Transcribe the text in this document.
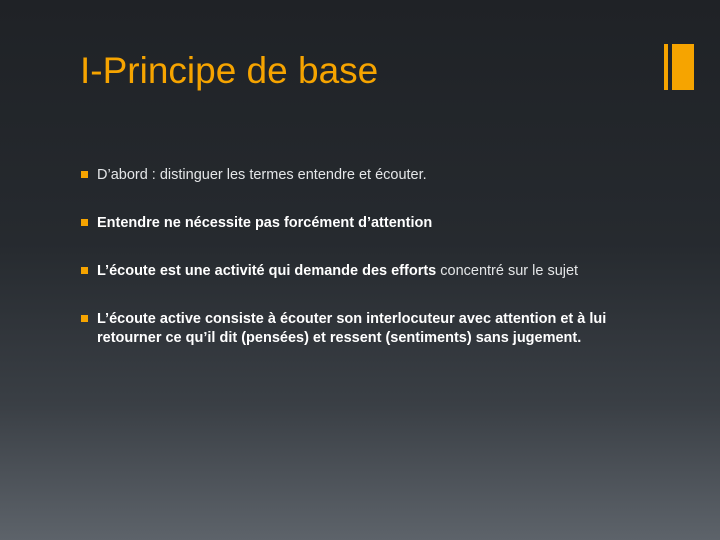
I-Principe de base
D’abord : distinguer les termes entendre et écouter.
Entendre ne nécessite pas forcément d’attention
L’écoute est une activité qui demande des efforts concentré sur le sujet
L’écoute active consiste à écouter son interlocuteur avec attention et à lui retourner ce qu’il dit (pensées) et ressent (sentiments) sans jugement.
